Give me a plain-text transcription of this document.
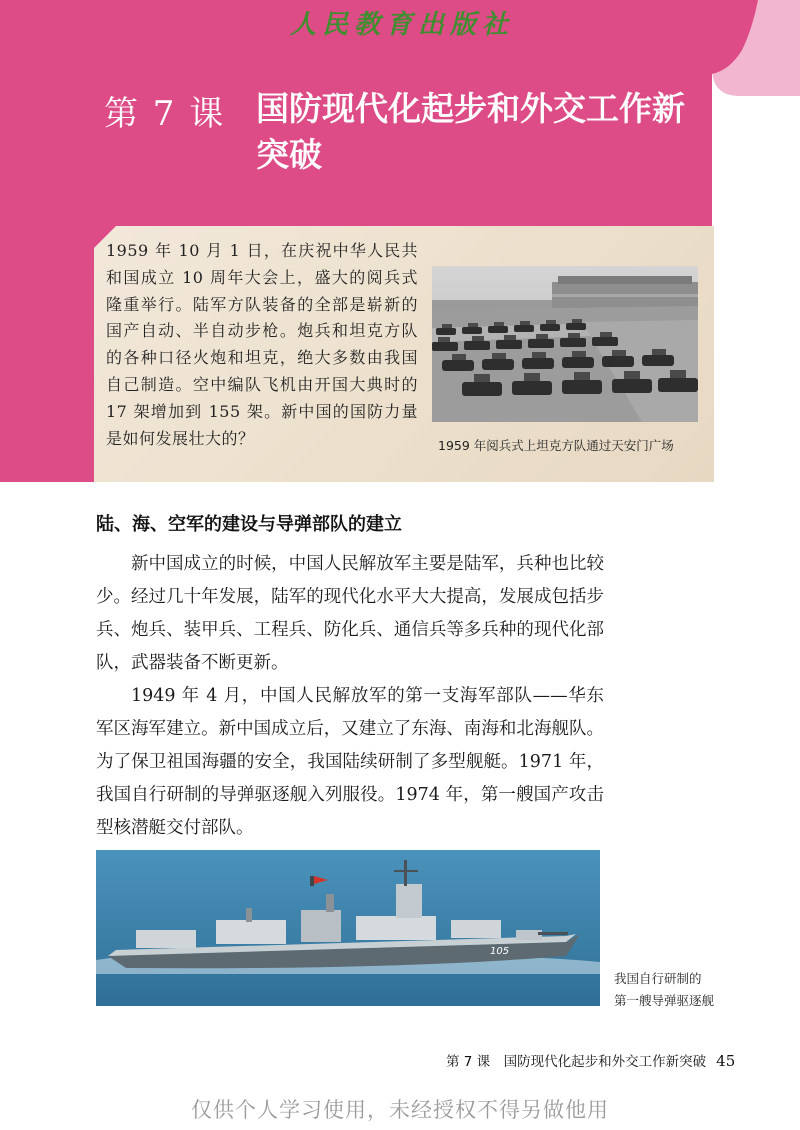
人民教育出版社
第 7 课 国防现代化起步和外交工作新突破
1959 年 10 月 1 日，在庆祝中华人民共和国成立 10 周年大会上，盛大的阅兵式隆重举行。陆军方队装备的全部是崭新的国产自动、半自动步枪。炮兵和坦克方队的各种口径火炮和坦克，绝大多数由我国自己制造。空中编队飞机由开国大典时的 17 架增加到 155 架。新中国的国防力量是如何发展壮大的？	1959 年阅兵式上坦克方队通过天安门广场
陆、海、空军的建设与导弹部队的建立

新中国成立的时候，中国人民解放军主要是陆军，兵种也比较少。经过几十年发展，陆军的现代化水平大大提高，发展成包括步兵、炮兵、装甲兵、工程兵、防化兵、通信兵等多兵种的现代化部队，武器装备不断更新。

1949 年 4 月，中国人民解放军的第一支海军部队——华东军区海军建立。新中国成立后，又建立了东海、南海和北海舰队。为了保卫祖国海疆的安全，我国陆续研制了多型舰艇。1971 年，我国自行研制的导弹驱逐舰入列服役。1974 年，第一艘国产攻击型核潜艇交付部队。

105
我国自行研制的
第一艘导弹驱逐舰
第 7 课　国防现代化起步和外交工作新突破 45
仅供个人学习使用，未经授权不得另做他用
